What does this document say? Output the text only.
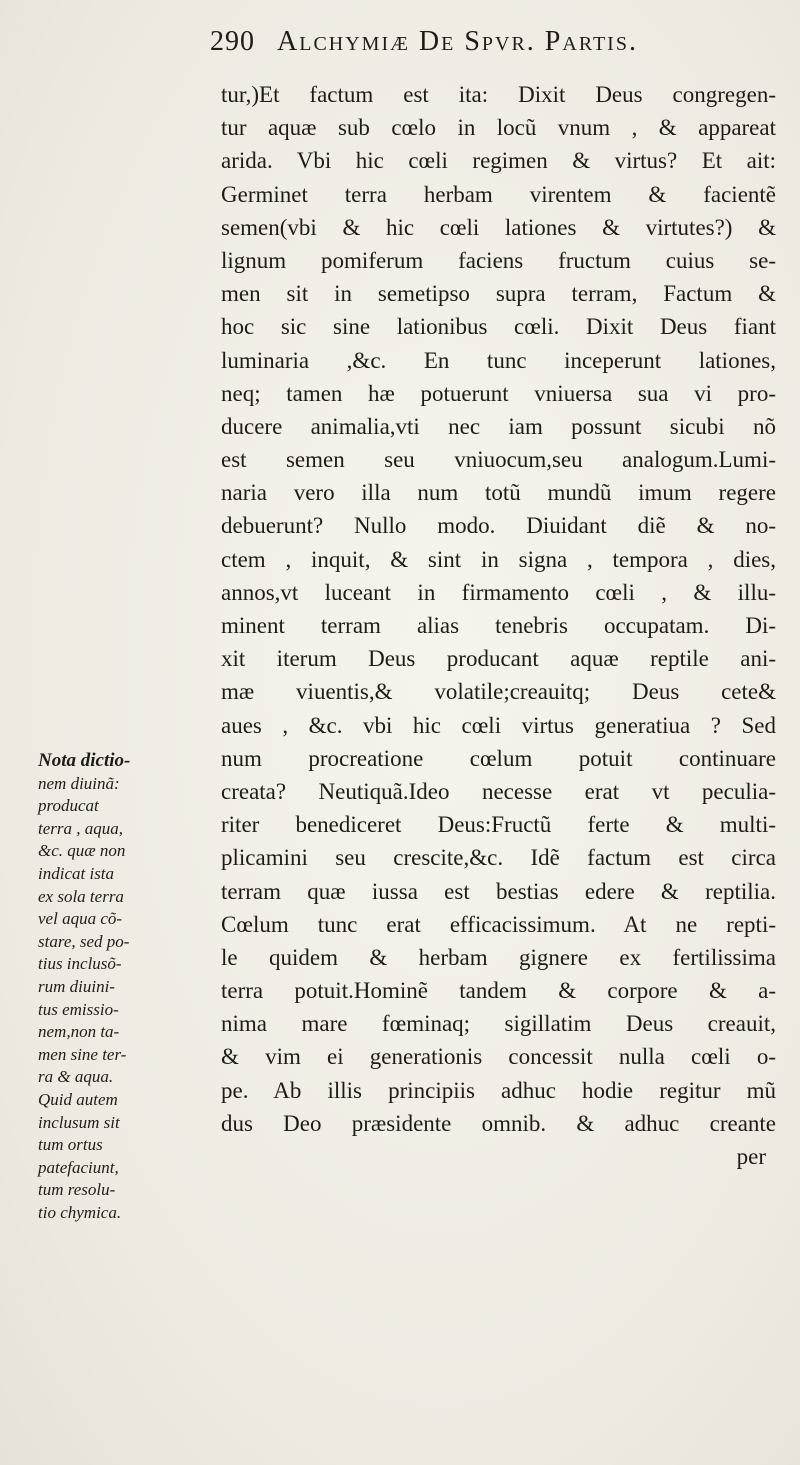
290 Alchymiæ De Spvr. Partis.
tur,)Et factum est ita: Dixit Deus congregen-
tur aquæ sub cœlo in locũ vnum , & appareat
arida. Vbi hic cœli regimen & virtus? Et ait:
Germinet terra herbam virentem & facientẽ
semen(vbi & hic cœli lationes & virtutes?) &
lignum pomiferum faciens fructum cuius se-
men sit in semetipso supra terram, Factum &
hoc sic sine lationibus cœli. Dixit Deus fiant
luminaria ,&c. En tunc inceperunt lationes,
neq; tamen hæ potuerunt vniuersa sua vi pro-
ducere animalia,vti nec iam possunt sicubi nõ
est semen seu vniuocum,seu analogum.Lumi-
naria vero illa num totũ mundũ imum regere
debuerunt? Nullo modo. Diuidant diẽ & no-
ctem , inquit, & sint in signa , tempora , dies,
annos,vt luceant in firmamento cœli , & illu-
minent terram alias tenebris occupatam. Di-
xit iterum Deus producant aquæ reptile ani-
mæ viuentis,& volatile;creauitq; Deus cete&
aues , &c. vbi hic cœli virtus generatiua ? Sed
num procreatione cœlum potuit continuare
creata? Neutiquã.Ideo necesse erat vt peculia-
riter benediceret Deus:Fructũ ferte & multi-
plicamini seu crescite,&c. Idẽ factum est circa
terram quæ iussa est bestias edere & reptilia.
Cœlum tunc erat efficacissimum. At ne repti-
le quidem & herbam gignere ex fertilissima
terra potuit.Hominẽ tandem & corpore & a-
nima mare fœminaq; sigillatim Deus creauit,
& vim ei generationis concessit nulla cœli o-
pe. Ab illis principiis adhuc hodie regitur mũ
dus Deo præsidente omnib. & adhuc creante
per
Nota dictio-
nem diuinã:
producat
terra , aqua,
&c. quæ non
indicat ista
ex sola terra
vel aqua cõ-
stare, sed po-
tius inclusõ-
rum diuini-
tus emissio-
nem,non ta-
men sine ter-
ra & aqua.
Quid autem
inclusum sit
tum ortus
patefaciunt,
tum resolu-
tio chymica.
